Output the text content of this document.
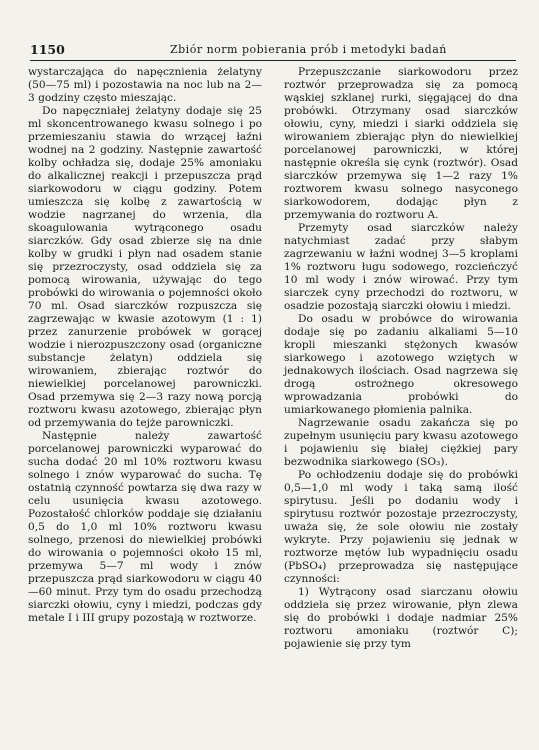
1150	Zbiór norm pobierania prób i metodyki badań

wystarczająca do napęcznienia żelatyny (50—75 ml) i pozostawia na noc lub na 2—3 godziny często mieszając.

Do napęczniałej żelatyny dodaje się 25 ml skoncentrowanego kwasu solnego i po przemieszaniu stawia do wrzącej łaźni wodnej na 2 godziny. Następnie zawartość kolby ochładza się, dodaje 25% amoniaku do alkalicznej reakcji i przepuszcza prąd siarkowodoru w ciągu godziny. Potem umieszcza się kolbę z zawartością w wodzie nagrzanej do wrzenia, dla skoagulowania wytrąconego osadu siarczków. Gdy osad zbierze się na dnie kolby w grudki i płyn nad osadem stanie się przezroczysty, osad oddziela się za pomocą wirowania, używając do tego probówki do wirowania o pojemności około 70 ml. Osad siarczków rozpuszcza się zagrzewając w kwasie azotowym (1 : 1) przez zanurzenie probówek w gorącej wodzie i nierozpuszczony osad (organiczne substancje żelatyn) oddziela się wirowaniem, zbierając roztwór do niewielkiej porcelanowej parowniczki. Osad przemywa się 2—3 razy nową porcją roztworu kwasu azotowego, zbierając płyn od przemywania do tejże parowniczki.

Następnie należy zawartość porcelanowej parowniczki wyparować do sucha dodać 20 ml 10% roztworu kwasu solnego i znów wyparować do sucha. Tę ostatnią czynność powtarza się dwa razy w celu usunięcia kwasu azotowego. Pozostałość chlorków poddaje się działaniu 0,5 do 1,0 ml 10% roztworu kwasu solnego, przenosi do niewielkiej probówki do wirowania o pojemności około 15 ml, przemywa 5—7 ml wody i znów przepuszcza prąd siarkowodoru w ciągu 40—60 minut. Przy tym do osadu przechodzą siarczki ołowiu, cyny i miedzi, podczas gdy metale I i III grupy pozostają w roztworze.

Przepuszczanie siarkowodoru przez roztwór przeprowadza się za pomocą wąskiej szklanej rurki, sięgającej do dna probówki. Otrzymany osad siarczków ołowiu, cyny, miedzi i siarki oddziela się wirowaniem zbierając płyn do niewielkiej porcelanowej parowniczki, w której następnie określa się cynk (roztwór). Osad siarczków przemywa się 1—2 razy 1% roztworem kwasu solnego nasyconego siarkowodorem, dodając płyn z przemywania do roztworu A.

Przemyty osad siarczków należy natychmiast zadać przy słabym zagrzewaniu w łaźni wodnej 3—5 kroplami 1% roztworu ługu sodowego, rozcieńczyć 10 ml wody i znów wirować. Przy tym siarczek cyny przechodzi do roztworu, w osadzie pozostają siarczki ołowiu i miedzi.

Do osadu w probówce do wirowania dodaje się po zadaniu alkaliami 5—10 kropli mieszanki stężonych kwasów siarkowego i azotowego wziętych w jednakowych ilościach. Osad nagrzewa się drogą ostrożnego okresowego wprowadzania probówki do umiarkowanego płomienia palnika.

Nagrzewanie osadu zakańcza się po zupełnym usunięciu pary kwasu azotowego i pojawieniu się białej ciężkiej pary bezwodnika siarkowego (SO₃).

Po ochłodzeniu dodaje się do probówki 0,5—1,0 ml wody i taką samą ilość spirytusu. Jeśli po dodaniu wody i spirytusu roztwór pozostaje przezroczysty, uważa się, że sole ołowiu nie zostały wykryte. Przy pojawieniu się jednak w roztworze mętów lub wypadnięciu osadu (PbSO₄) przeprowadza się następujące czynności:

1) Wytrącony osad siarczanu ołowiu oddziela się przez wirowanie, płyn zlewa się do probówki i dodaje nadmiar 25% roztworu amoniaku (roztwór C); pojawienie się przy tym
